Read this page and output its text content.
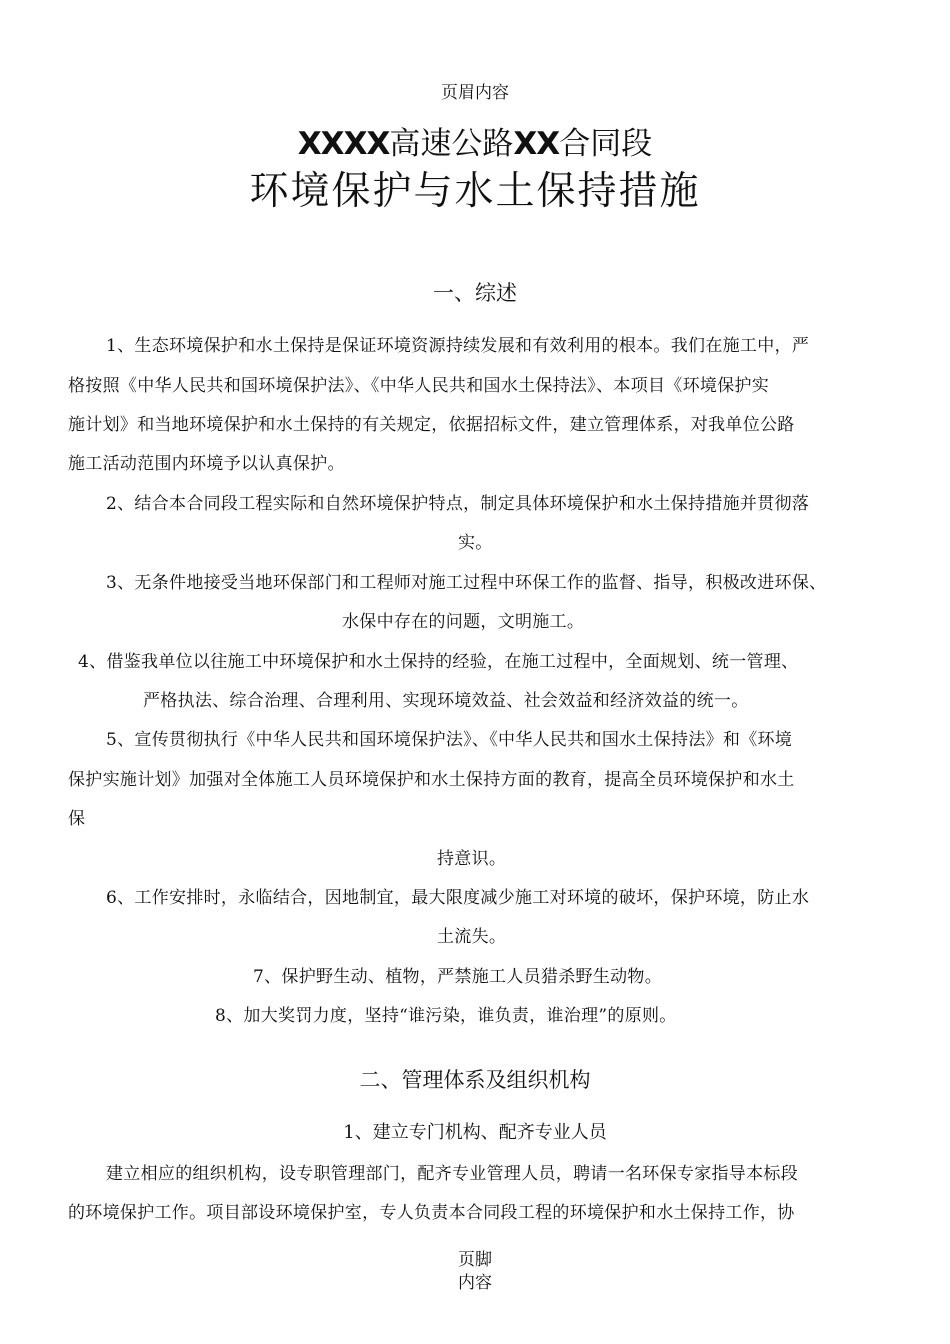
页眉内容
XXXX高速公路XX合同段
环境保护与水土保持措施
一、综述
1、生态环境保护和水土保持是保证环境资源持续发展和有效利用的根本。我们在施工中，严
格按照《中华人民共和国环境保护法》、《中华人民共和国水土保持法》、本项目《环境保护实
施计划》和当地环境保护和水土保持的有关规定，依据招标文件，建立管理体系，对我单位公路
施工活动范围内环境予以认真保护。
2、结合本合同段工程实际和自然环境保护特点，制定具体环境保护和水土保持措施并贯彻落
实。
3、无条件地接受当地环保部门和工程师对施工过程中环保工作的监督、指导，积极改进环保、
水保中存在的问题，文明施工。
4、借鉴我单位以往施工中环境保护和水土保持的经验，在施工过程中，全面规划、统一管理、
严格执法、综合治理、合理利用、实现环境效益、社会效益和经济效益的统一。
5、宣传贯彻执行《中华人民共和国环境保护法》、《中华人民共和国水土保持法》和《环境
保护实施计划》加强对全体施工人员环境保护和水土保持方面的教育，提高全员环境保护和水土
保
持意识。
6、工作安排时，永临结合，因地制宜，最大限度减少施工对环境的破坏，保护环境，防止水
土流失。
7、保护野生动、植物，严禁施工人员猎杀野生动物。
8、加大奖罚力度，坚持“谁污染，谁负责，谁治理”的原则。
二、管理体系及组织机构
1、建立专门机构、配齐专业人员
建立相应的组织机构，设专职管理部门，配齐专业管理人员，聘请一名环保专家指导本标段
的环境保护工作。项目部设环境保护室，专人负责本合同段工程的环境保护和水土保持工作，协
页脚
内容
